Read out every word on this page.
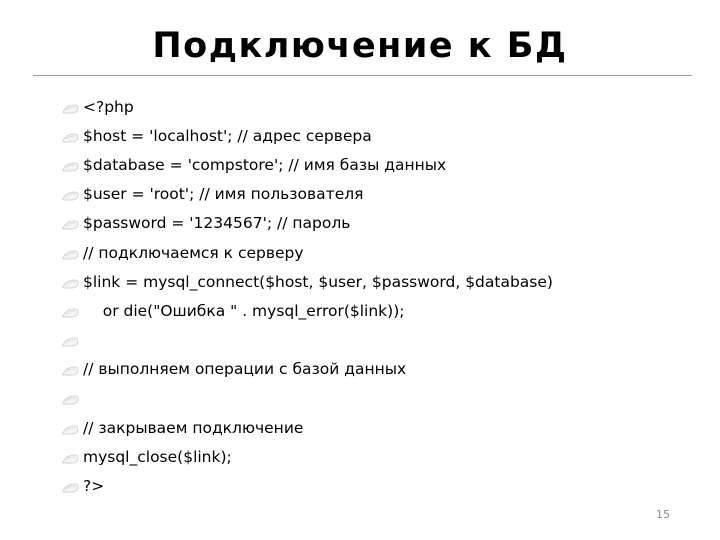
Подключение к БД
<?php
$host = 'localhost'; // адрес сервера
$database = 'compstore'; // имя базы данных
$user = 'root'; // имя пользователя
$password = '1234567'; // пароль
// подключаемся к серверу
$link = mysql_connect($host, $user, $password, $database)
or die("Ошибка " . mysql_error($link));
// выполняем операции с базой данных
// закрываем подключение
mysql_close($link);
?>
15
